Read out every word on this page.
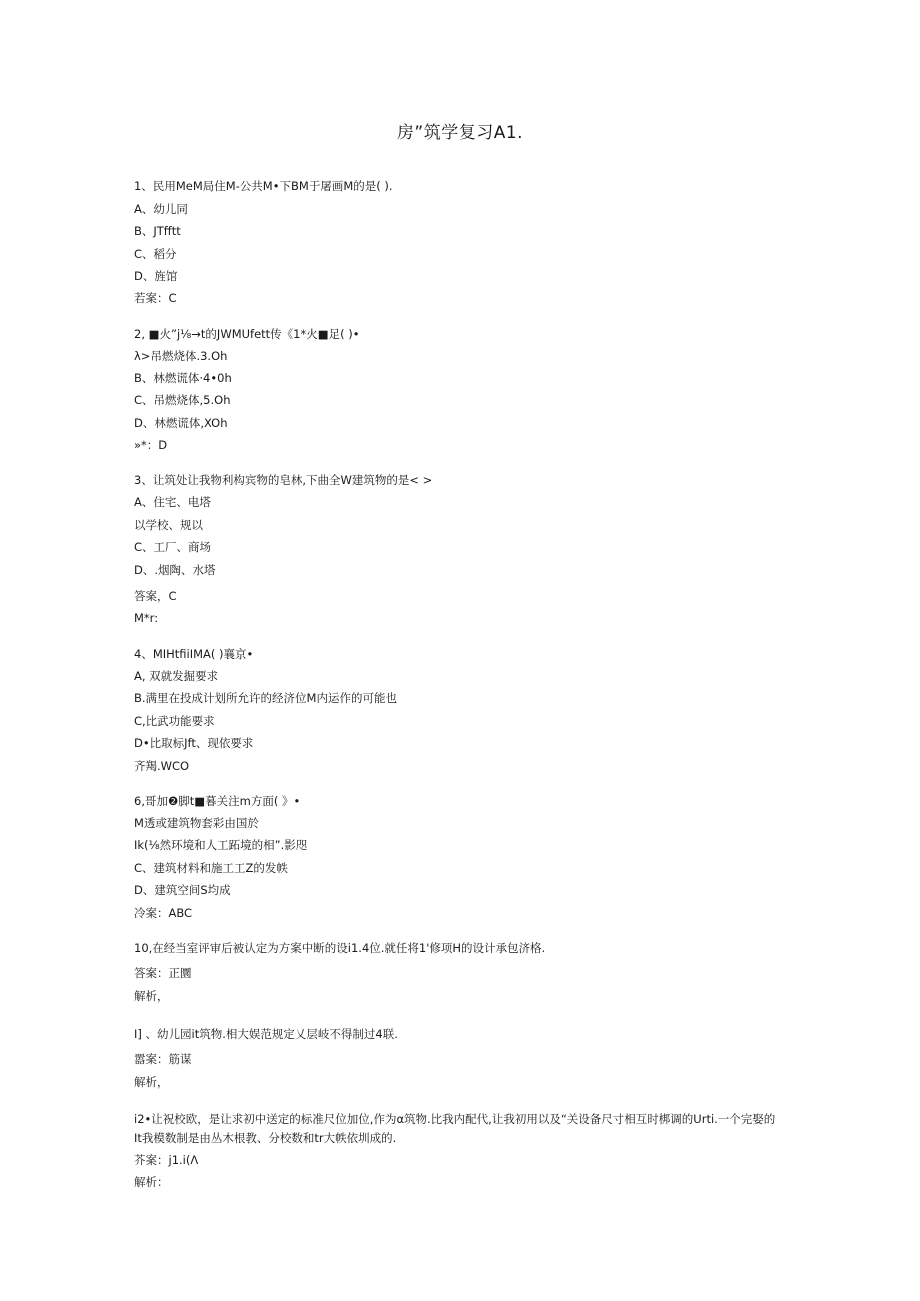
房”筑学复习A1.
1、民用MeM局住M-公共M•下BM于屠画M的是( ).
A、幼儿同
B、JTfftt
C、稻分
D、旌馆
若案：C
2, ■火”j⅛→t的JWMUfett传《1*火■足( )•
λ>吊燃烧体.3.Oh
B、林燃谎体·4•0h
C、吊燃烧体,5.Oh
D、林燃谎体,XOh
»*：D
3、让筑处让我物利构宾物的皂林,下曲全W建筑物的是< >
A、住宅、电塔
以学校、规以
C、工厂、商场
D、.烟陶、水塔
答案，C
M*r:
4、MIHtfiiIMA( )襄京•
A, 双就发掘要求
B.满里在投成计划所允许的经济位M内运作的可能也
C,比武功能要求
D•比取标Jft、现依要求
齐羯.WCO
6,哥加❷脚t■暮关注m方面( 》•
M透或建筑物套彩由国於
Ik(⅛然环境和人工跖境的相”.影咫
C、建筑材料和施工工Z的发帙
D、建筑空间S均成
冷案：ABC
10,在经当室评审后被认定为方案中断的设i1.4位.就任将1'修项H的设计承包济格.
答案：正圜
解析，
I] 、幼儿园it筑物.相大娱范规定乂层岐不得制过4联.
嚣案：筋谋
解析，
i2•让祝校欧，是让求初中送定的标准尺位加位,作为α筑物.比我内配代,让我初用以及“关设备尺寸相互时梆调的Urti.一个完娶的
It我模数制是由丛木根教、分校数和tr大帙依圳成的.
芥案：j1.i(Λ
解析：
